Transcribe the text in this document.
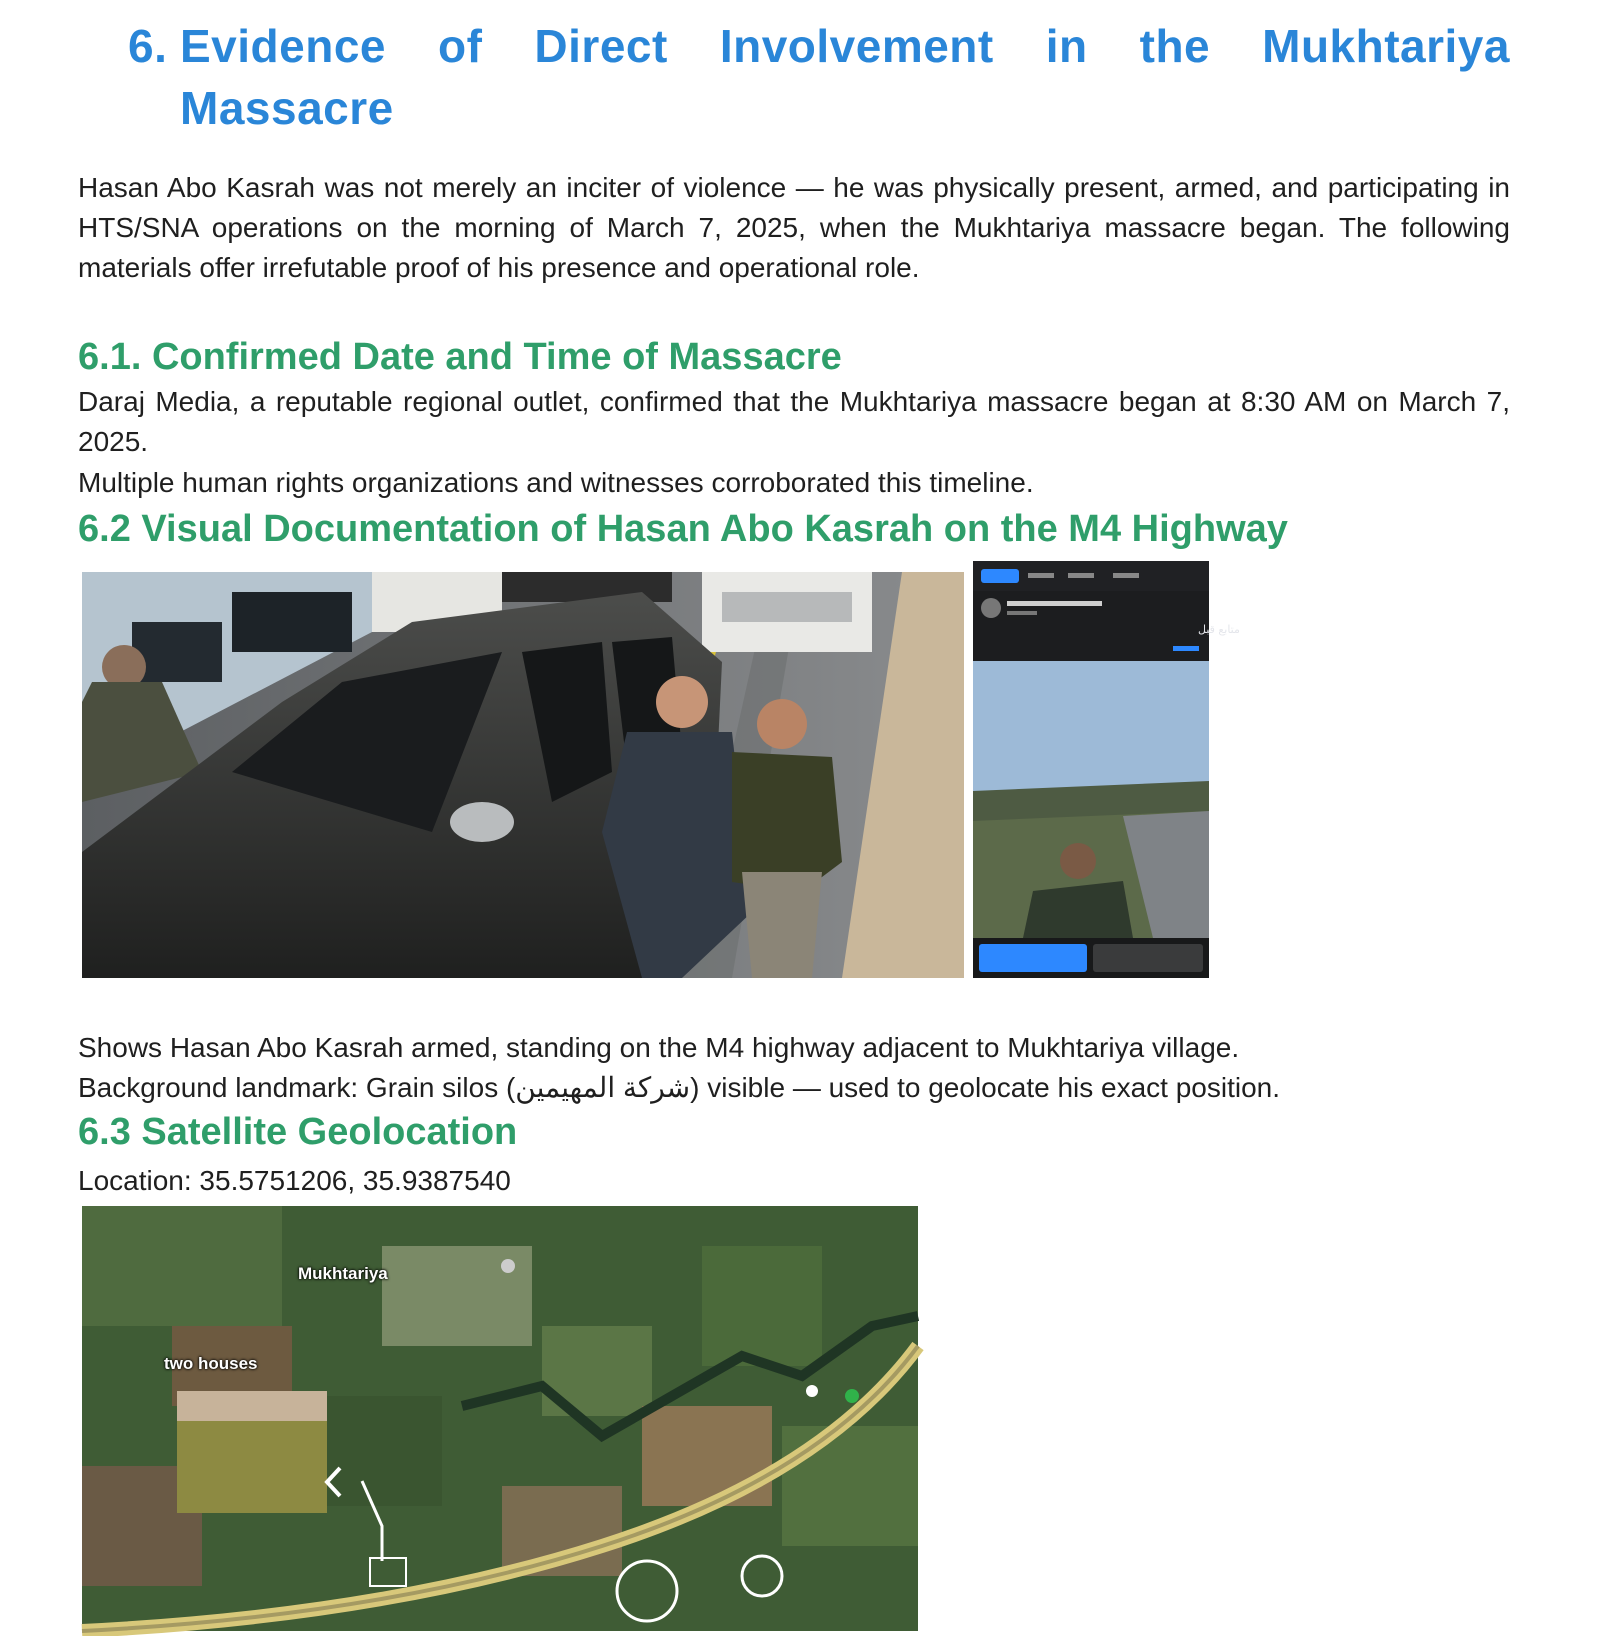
6. Evidence of Direct Involvement in the Mukhtariya
Massacre
Hasan Abo Kasrah was not merely an inciter of violence — he was physically present, armed, and participating in HTS/SNA operations on the morning of March 7, 2025, when the Mukhtariya massacre began. The following materials offer irrefutable proof of his presence and operational role.
6.1. Confirmed Date and Time of Massacre
Daraj Media, a reputable regional outlet, confirmed that the Mukhtariya massacre began at 8:30 AM on March 7, 2025.
Multiple human rights organizations and witnesses corroborated this timeline.
6.2 Visual Documentation of Hasan Abo Kasrah on the M4 Highway
متابع قبل
Shows Hasan Abo Kasrah armed, standing on the M4 highway adjacent to Mukhtariya village.
Background landmark: Grain silos (شركة المهيمين) visible — used to geolocate his exact position.
6.3 Satellite Geolocation
Location: 35.5751206, 35.9387540
Mukhtariya
two houses
